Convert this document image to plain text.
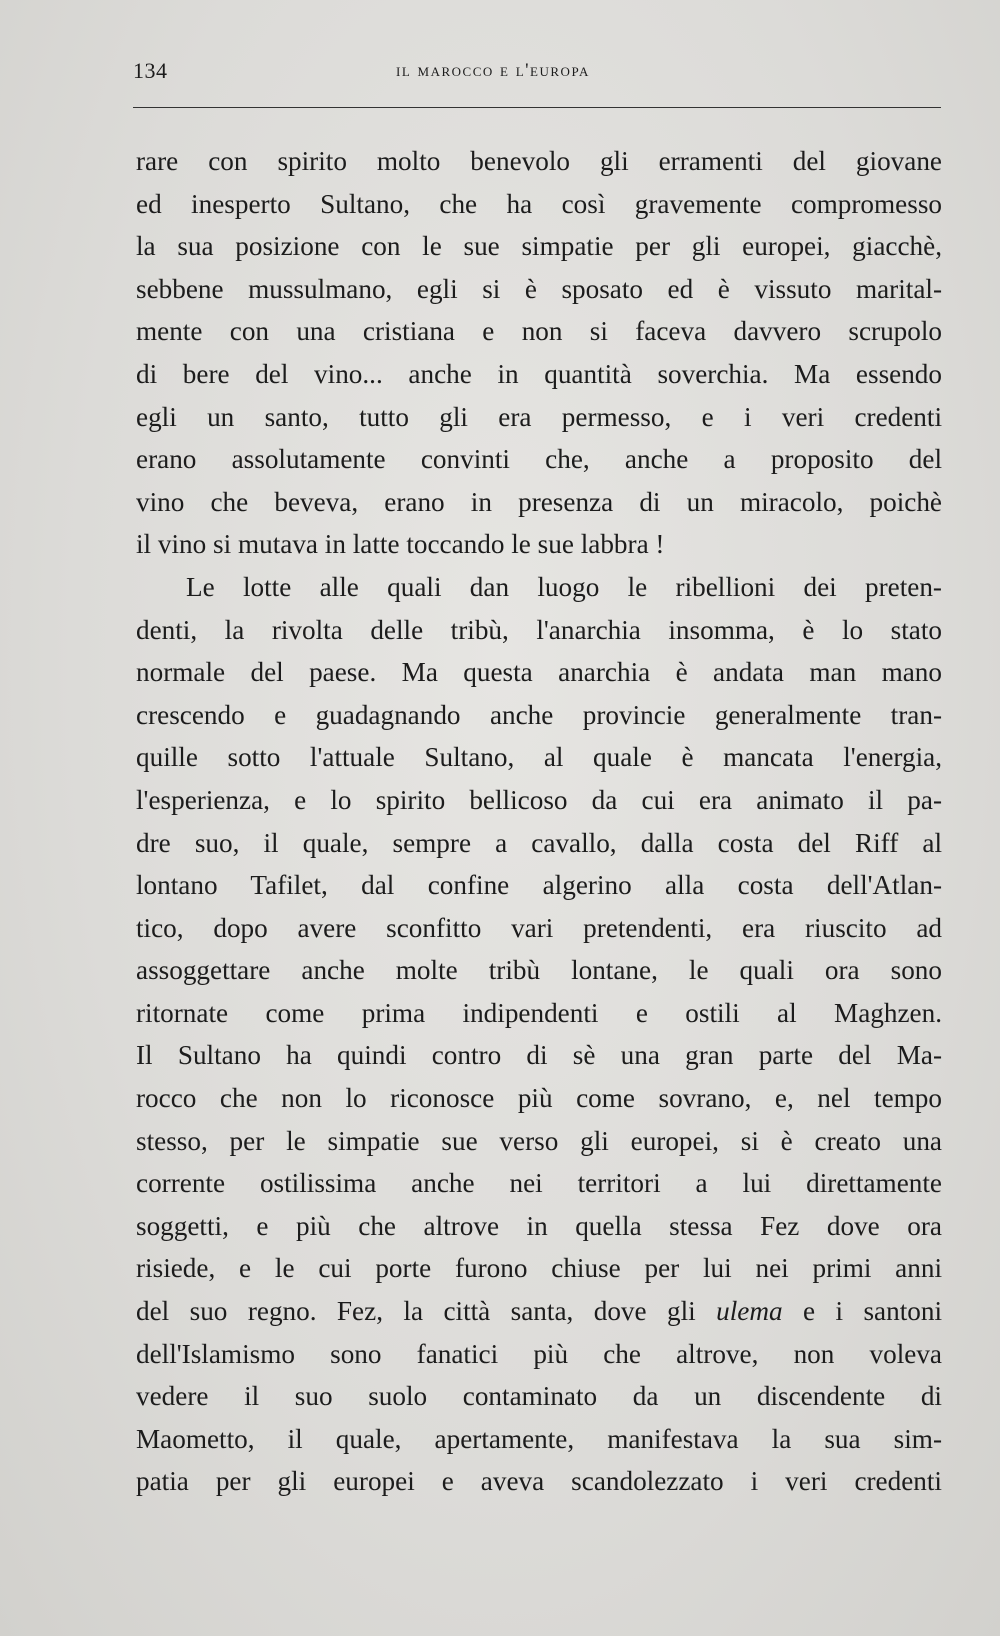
134	il marocco e l'europa
rare con spirito molto benevolo gli erramenti del giovane
ed inesperto Sultano, che ha così gravemente compromesso
la sua posizione con le sue simpatie per gli europei, giacchè,
sebbene mussulmano, egli si è sposato ed è vissuto marital-
mente con una cristiana e non si faceva davvero scrupolo
di bere del vino... anche in quantità soverchia. Ma essendo
egli un santo, tutto gli era permesso, e i veri credenti
erano assolutamente convinti che, anche a proposito del
vino che beveva, erano in presenza di un miracolo, poichè
il vino si mutava in latte toccando le sue labbra !
Le lotte alle quali dan luogo le ribellioni dei preten-
denti, la rivolta delle tribù, l'anarchia insomma, è lo stato
normale del paese. Ma questa anarchia è andata man mano
crescendo e guadagnando anche provincie generalmente tran-
quille sotto l'attuale Sultano, al quale è mancata l'energia,
l'esperienza, e lo spirito bellicoso da cui era animato il pa-
dre suo, il quale, sempre a cavallo, dalla costa del Riff al
lontano Tafilet, dal confine algerino alla costa dell'Atlan-
tico, dopo avere sconfitto vari pretendenti, era riuscito ad
assoggettare anche molte tribù lontane, le quali ora sono
ritornate come prima indipendenti e ostili al Maghzen.
Il Sultano ha quindi contro di sè una gran parte del Ma-
rocco che non lo riconosce più come sovrano, e, nel tempo
stesso, per le simpatie sue verso gli europei, si è creato una
corrente ostilissima anche nei territori a lui direttamente
soggetti, e più che altrove in quella stessa Fez dove ora
risiede, e le cui porte furono chiuse per lui nei primi anni
del suo regno. Fez, la città santa, dove gli ulema e i santoni
dell'Islamismo sono fanatici più che altrove, non voleva
vedere il suo suolo contaminato da un discendente di
Maometto, il quale, apertamente, manifestava la sua sim-
patia per gli europei e aveva scandolezzato i veri credenti
